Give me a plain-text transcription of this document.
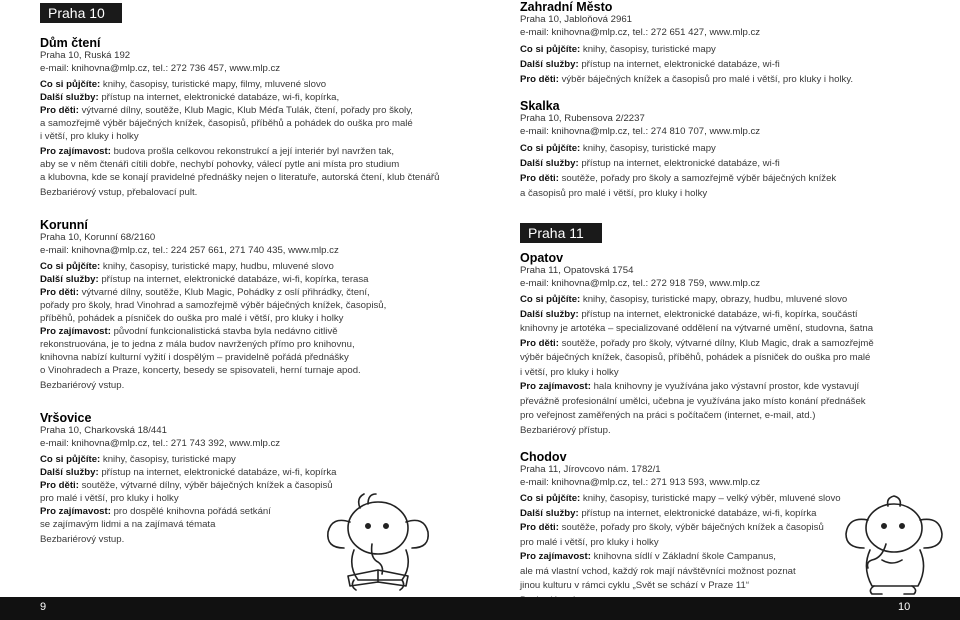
Praha 10
Dům čtení
Praha 10, Ruská 192
e-mail: knihovna@mlp.cz, tel.: 272 736 457, www.mlp.cz
Co si půjčíte: knihy, časopisy, turistické mapy, filmy, mluvené slovo
Další služby: přístup na internet, elektronické databáze, wi-fi, kopírka,
Pro děti: výtvarné dílny, soutěže, Klub Magic, Klub Méďa Tulák, čtení, pořady pro školy,
a samozřejmě výběr báječných knížek, časopisů, příběhů a pohádek do ouška pro malé
i větší, pro kluky i holky
Pro zajímavost: budova prošla celkovou rekonstrukcí a její interiér byl navržen tak,
aby se v něm čtenáři cítili dobře, nechybí pohovky, válecí pytle ani místa pro studium
a klubovna, kde se konají pravidelné přednášky nejen o literatuře, autorská čtení, klub čtenářů
Bezbariérový vstup, přebalovací pult.
Korunní
Praha 10, Korunní 68/2160
e-mail: knihovna@mlp.cz, tel.: 224 257 661, 271 740 435, www.mlp.cz
Co si půjčíte: knihy, časopisy, turistické mapy, hudbu, mluvené slovo
Další služby: přístup na internet, elektronické databáze, wi-fi, kopírka, terasa
Pro děti: výtvarné dílny, soutěže, Klub Magic, Pohádky z oslí přihrádky, čtení,
pořady pro školy, hrad Vinohrad a samozřejmě výběr báječných knížek, časopisů,
příběhů, pohádek a písniček do ouška pro malé i větší, pro kluky i holky
Pro zajímavost: původní funkcionalistická stavba byla nedávno citlivě
rekonstruována, je to jedna z mála budov navržených přímo pro knihovnu,
knihovna nabízí kulturní vyžití i dospělým – pravidelně pořádá přednášky
o Vinohradech a Praze, koncerty, besedy se spisovateli, herní turnaje apod.
Bezbariérový vstup.
Vršovice
Praha 10, Charkovská 18/441
e-mail: knihovna@mlp.cz, tel.: 271 743 392, www.mlp.cz
Co si půjčíte: knihy, časopisy, turistické mapy
Další služby: přístup na internet, elektronické databáze, wi-fi, kopírka
Pro děti: soutěže, výtvarné dílny, výběr báječných knížek a časopisů
pro malé i větší, pro kluky i holky
Pro zajímavost: pro dospělé knihovna pořádá setkání
se zajímavým lidmi a na zajímavá témata
Bezbariérový vstup.
Zahradní Město
Praha 10, Jabloňová 2961
e-mail: knihovna@mlp.cz, tel.: 272 651 427, www.mlp.cz
Co si půjčíte: knihy, časopisy, turistické mapy
Další služby: přístup na internet, elektronické databáze, wi-fi
Pro děti: výběr báječných knížek a časopisů pro malé i větší, pro kluky i holky.
Skalka
Praha 10, Rubensova 2/2237
e-mail: knihovna@mlp.cz, tel.: 274 810 707, www.mlp.cz
Co si půjčíte: knihy, časopisy, turistické mapy
Další služby: přístup na internet, elektronické databáze, wi-fi
Pro děti: soutěže, pořady pro školy a samozřejmě výběr báječných knížek
a časopisů pro malé i větší, pro kluky i holky
Praha 11
Opatov
Praha 11, Opatovská 1754
e-mail: knihovna@mlp.cz, tel.: 272 918 759, www.mlp.cz
Co si půjčíte: knihy, časopisy, turistické mapy, obrazy, hudbu, mluvené slovo
Další služby: přístup na internet, elektronické databáze, wi-fi, kopírka, součástí
knihovny je artotéka – specializované oddělení na výtvarné umění, studovna, šatna
Pro děti: soutěže, pořady pro školy, výtvarné dílny, Klub Magic, drak a samozřejmě
výběr báječných knížek, časopisů, příběhů, pohádek a písniček do ouška pro malé
i větší, pro kluky i holky
Pro zajímavost: hala knihovny je využívána jako výstavní prostor, kde vystavují
převážně profesionální umělci, učebna je využívána jako místo konání přednášek
pro veřejnost zaměřených na práci s počítačem (internet, e-mail, atd.)
Bezbariérový přístup.
Chodov
Praha 11, Jírovcovo nám. 1782/1
e-mail: knihovna@mlp.cz, tel.: 271 913 593, www.mlp.cz
Co si půjčíte: knihy, časopisy, turistické mapy – velký výběr, mluvené slovo
Další služby: přístup na internet, elektronické databáze, wi-fi, kopírka
Pro děti: soutěže, pořady pro školy, výběr báječných knížek a časopisů
pro malé i větší, pro kluky i holky
Pro zajímavost: knihovna sídlí v Základní škole Campanus,
ale má vlastní vchod, každý rok mají návštěvníci možnost poznat
jinou kulturu v rámci cyklu „Svět se schází v Praze 11“
9	10
